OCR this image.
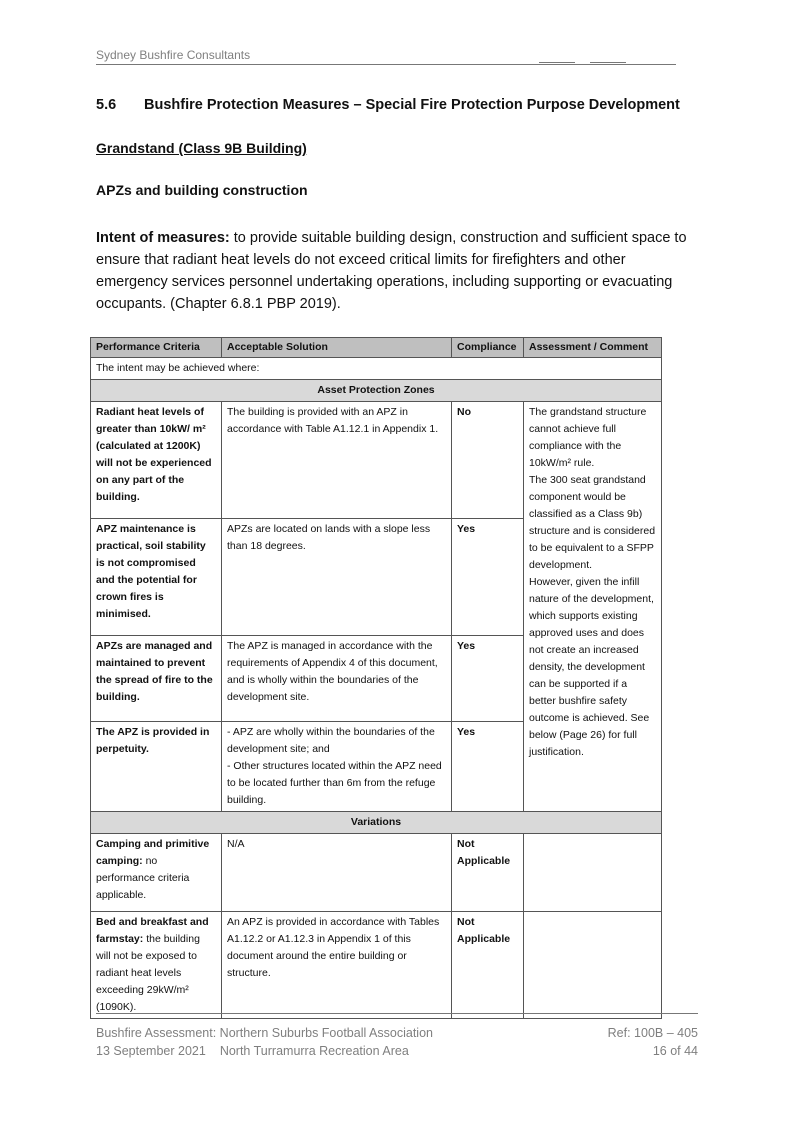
Sydney Bushfire Consultants
5.6 Bushfire Protection Measures – Special Fire Protection Purpose Development
Grandstand (Class 9B Building)
APZs and building construction
Intent of measures: to provide suitable building design, construction and sufficient space to ensure that radiant heat levels do not exceed critical limits for firefighters and other emergency services personnel undertaking operations, including supporting or evacuating occupants. (Chapter 6.8.1 PBP 2019).
Performance Criteria	Acceptable Solution	Compliance	Assessment / Comment
The intent may be achieved where:			
Asset Protection Zones			
Radiant heat levels of greater than 10kW/ m² (calculated at 1200K) will not be experienced on any part of the building.	The building is provided with an APZ in accordance with Table A1.12.1 in Appendix 1.	No	The grandstand structure cannot achieve full compliance with the 10kW/m² rule.
The 300 seat grandstand component would be classified as a Class 9b) structure and is considered to be equivalent to a SFPP development.
However, given the infill nature of the development, which supports existing approved uses and does not create an increased density, the development can be supported if a better bushfire safety outcome is achieved. See below (Page 26) for full justification.

APZ maintenance is practical, soil stability is not compromised and the potential for crown fires is minimised.	APZs are located on lands with a slope less than 18 degrees.	Yes	
APZs are managed and maintained to prevent the spread of fire to the building.	The APZ is managed in accordance with the requirements of Appendix 4 of this document, and is wholly within the boundaries of the development site.	Yes	
The APZ is provided in perpetuity.	- APZ are wholly within the boundaries of the development site; and
- Other structures located within the APZ need to be located further than 6m from the refuge building.	Yes	
Variations			
Camping and primitive camping: no performance criteria applicable.	N/A	Not Applicable	
Bed and breakfast and farmstay: the building will not be exposed to radiant heat levels exceeding 29kW/m² (1090K).	An APZ is provided in accordance with Tables A1.12.2 or A1.12.3 in Appendix 1 of this document around the entire building or structure.	Not Applicable	
Bushfire Assessment: Northern Suburbs Football Association	Ref: 100B – 405
13 September 2021 North Turramurra Recreation Area	16 of 44
